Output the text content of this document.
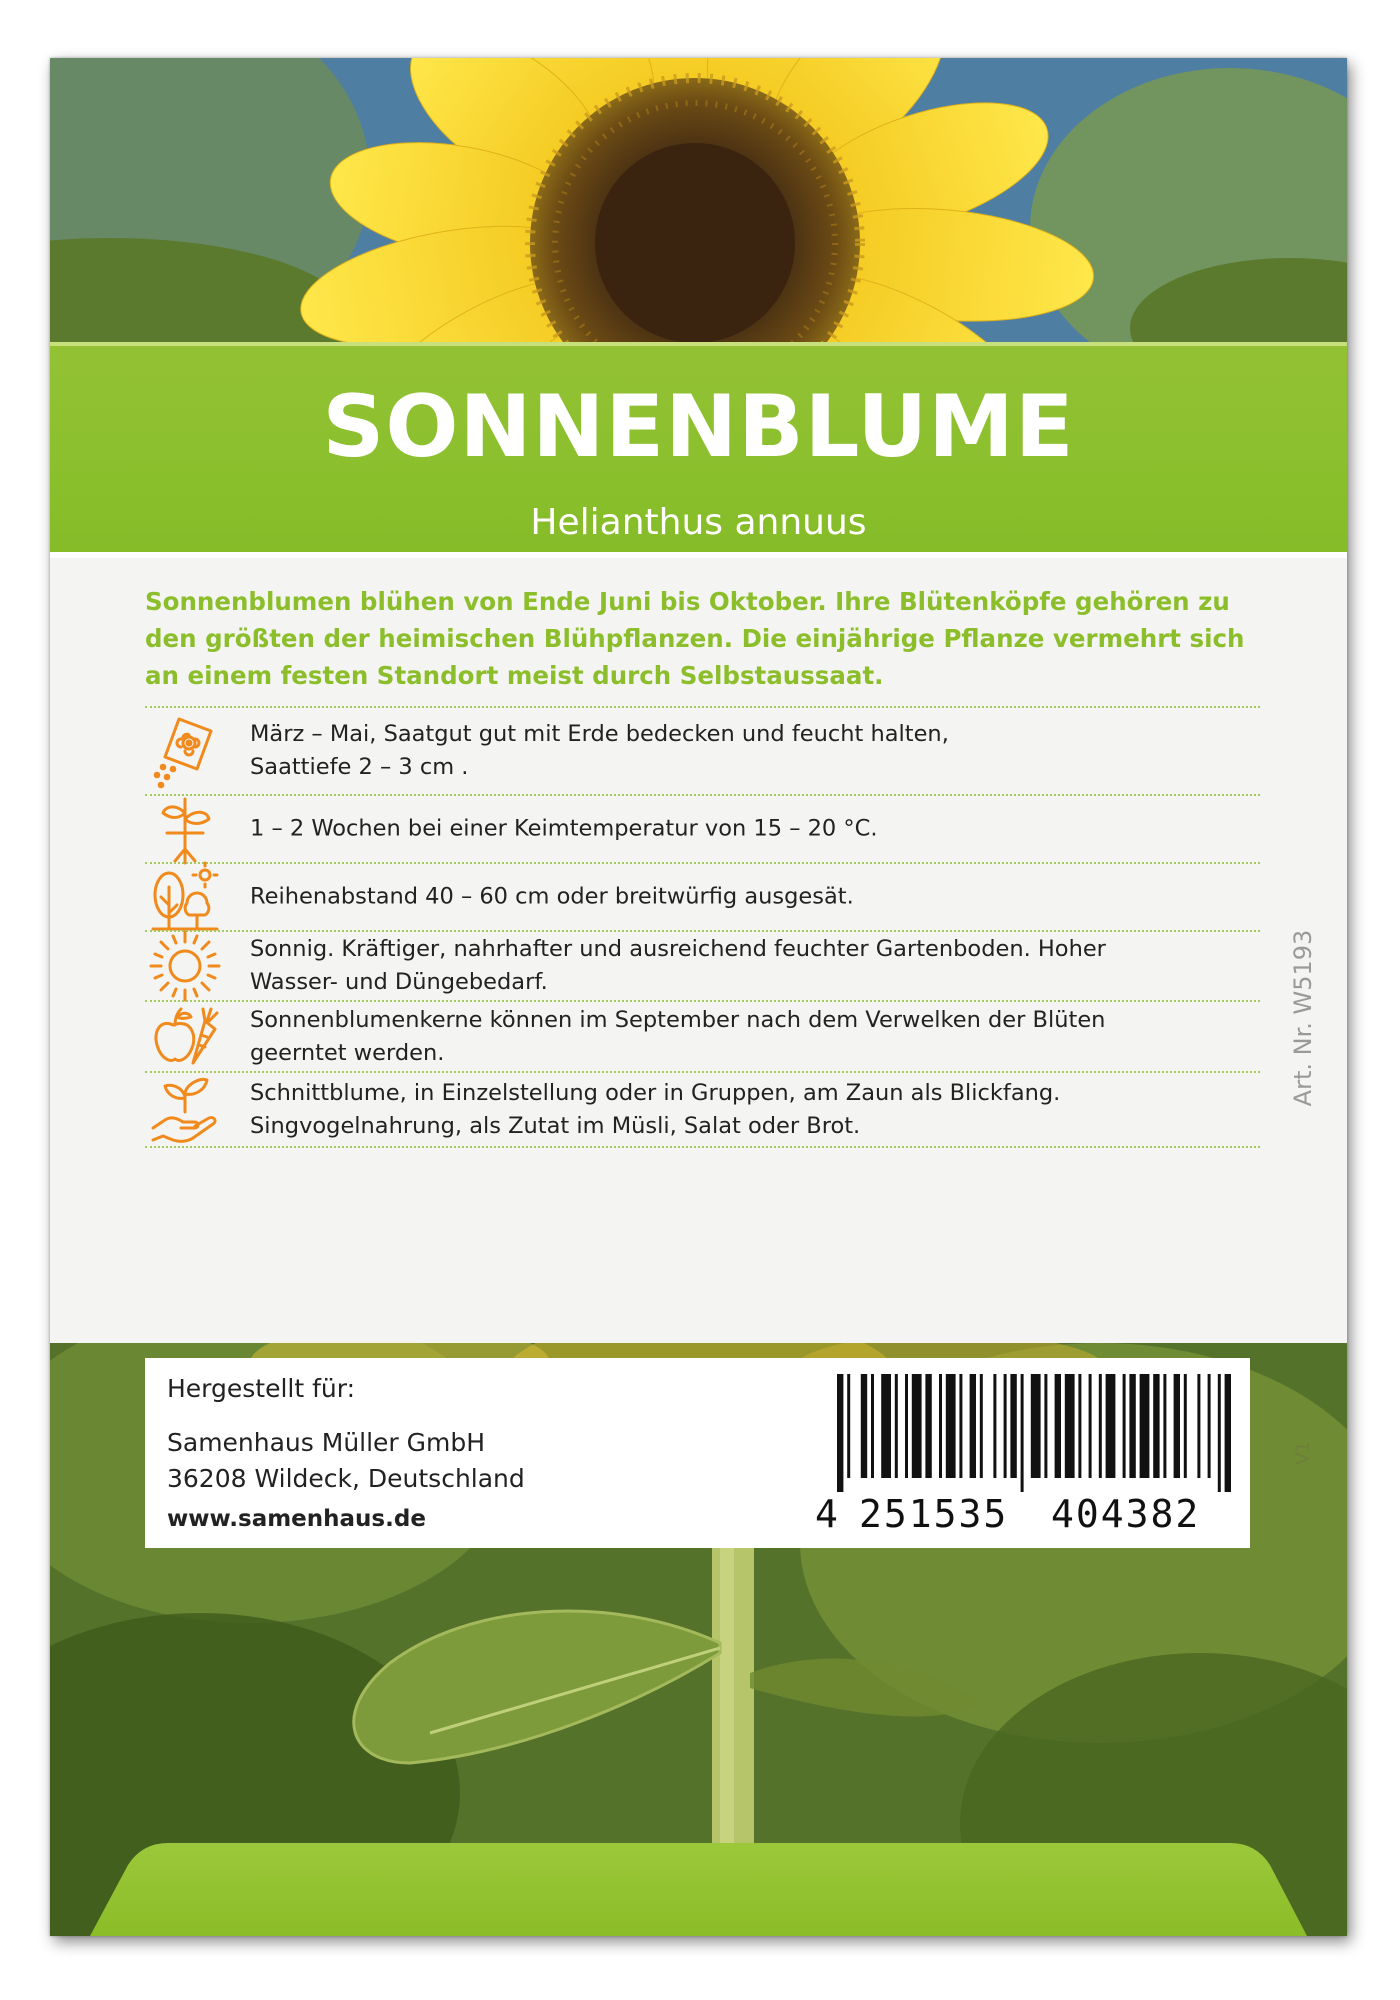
SONNENBLUME
Helianthus annuus
Sonnenblumen blühen von Ende Juni bis Oktober. Ihre Blütenköpfe gehören zu den größten der heimischen Blühpflanzen. Die einjährige Pflanze vermehrt sich an einem festen Standort meist durch Selbstaussaat.
März – Mai, Saatgut gut mit Erde bedecken und feucht halten,
Saattiefe 2 – 3 cm .
1 – 2 Wochen bei einer Keimtemperatur von 15 – 20 °C.
Reihenabstand 40 – 60 cm oder breitwürfig ausgesät.
Sonnig. Kräftiger, nahrhafter und ausreichend feuchter Gartenboden. Hoher
Wasser- und Düngebedarf.
Sonnenblumenkerne können im September nach dem Verwelken der Blüten
geerntet werden.
Schnittblume, in Einzelstellung oder in Gruppen, am Zaun als Blickfang.
Singvogelnahrung, als Zutat im Müsli, Salat oder Brot.
Art. Nr. W5193
V1
Hergestellt für:
Samenhaus Müller GmbH
36208 Wildeck, Deutschland
www.samenhaus.de	4 251535 404382
